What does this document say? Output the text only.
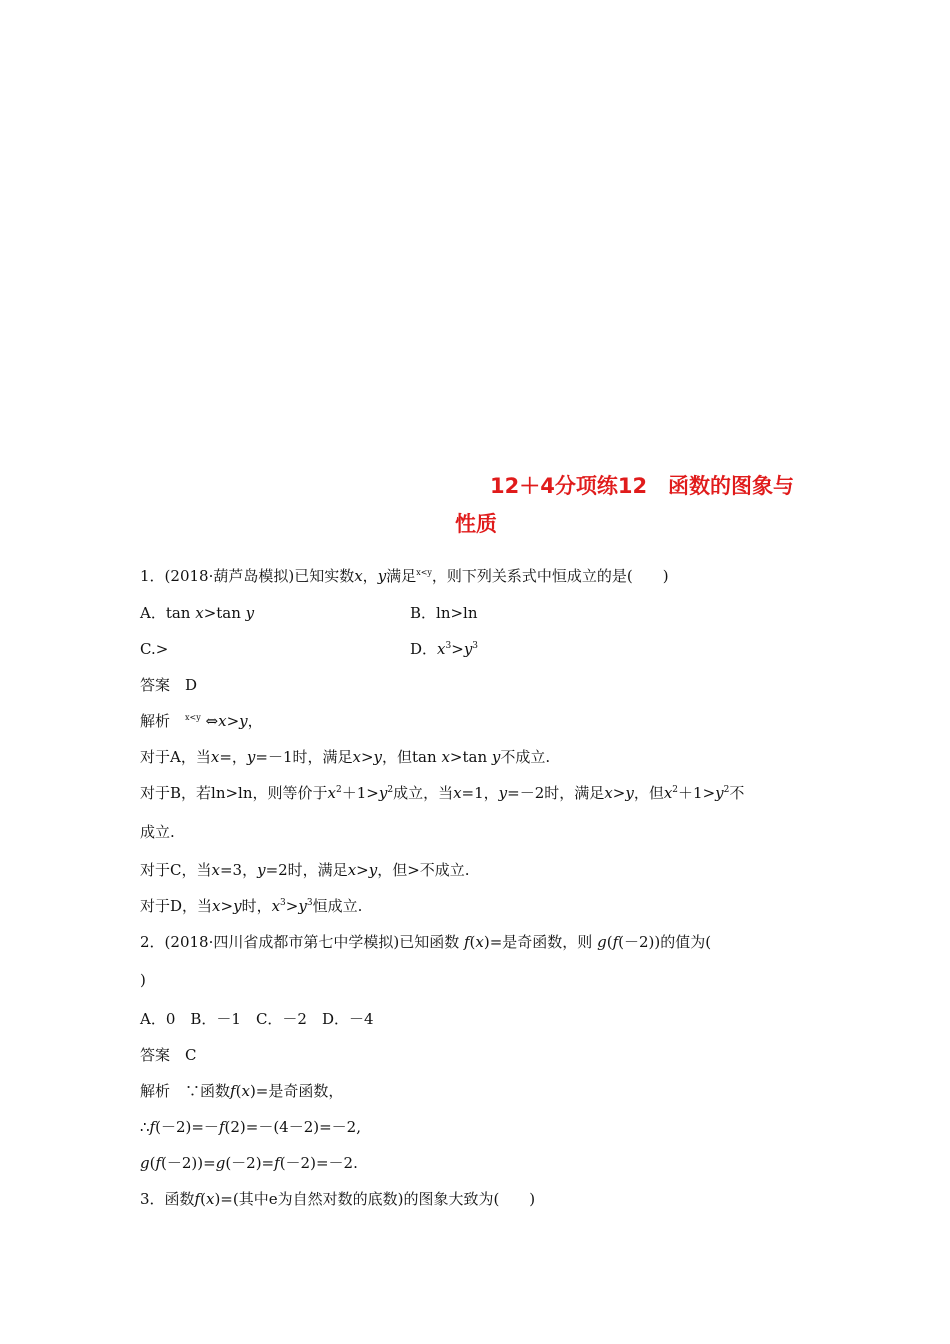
12＋4分项练12　函数的图象与
性质
1．(2018·葫芦岛模拟)已知实数x，y满足$^{x<y}$，则下列关系式中恒成立的是(　　)
A．tan x>tan y	B．ln>ln
C.>	D．$x^3>y^3$
答案　D
解析　 $^{x<y}$ ⇔x>y，
对于A，当x=，y=－1时，满足x>y，但tan x>tan y不成立.
对于B，若ln>ln，则等价于$x^2+1>y^2$成立，当x=1，y=－2时，满足x>y，但$x^2+1>y^2$不
成立.
对于C，当x=3，y=2时，满足x>y，但>不成立.
对于D，当x>y时，$x^3>y^3$恒成立.
2．(2018·四川省成都市第七中学模拟)已知函数 f(x)=是奇函数，则 g(f(－2))的值为(
)
A．0　B．－1　C．－2　D．－4
答案　C
解析　 ∵函数f(x)=是奇函数，
∴f(－2)=－f(2)=－(4－2)=－2,
g(f(－2))=g(－2)=f(－2)=－2.
3．函数f(x)=(其中e为自然对数的底数)的图象大致为(　　)
